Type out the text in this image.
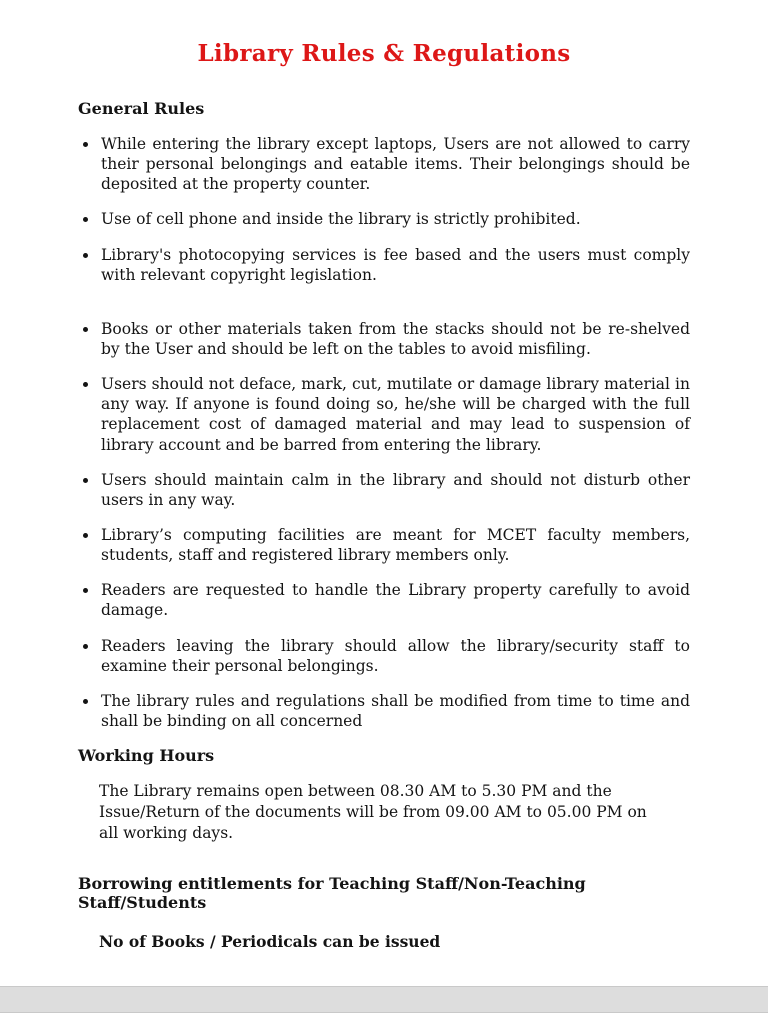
Library Rules & Regulations
General Rules
• While entering the library except laptops, Users are not allowed to carry their personal belongings and eatable items. Their belongings should be deposited at the property counter.
• Use of cell phone and inside the library is strictly prohibited.
• Library's photocopying services is fee based and the users must comply with relevant copyright legislation.
• Books or other materials taken from the stacks should not be re-shelved by the User and should be left on the tables to avoid misfiling.
• Users should not deface, mark, cut, mutilate or damage library material in any way. If anyone is found doing so, he/she will be charged with the full replacement cost of damaged material and may lead to suspension of library account and be barred from entering the library.
• Users should maintain calm in the library and should not disturb other users in any way.
• Library’s computing facilities are meant for MCET faculty members, students, staff and registered library members only.
• Readers are requested to handle the Library property carefully to avoid damage.
• Readers leaving the library should allow the library/security staff to examine their personal belongings.
• The library rules and regulations shall be modified from time to time and shall be binding on all concerned
Working Hours

The Library remains open between 08.30 AM to 5.30 PM and the Issue/Return of the documents will be from 09.00 AM to 05.00 PM on all working days.

Borrowing entitlements for Teaching Staff/Non-Teaching Staff/Students

No of Books / Periodicals can be issued
